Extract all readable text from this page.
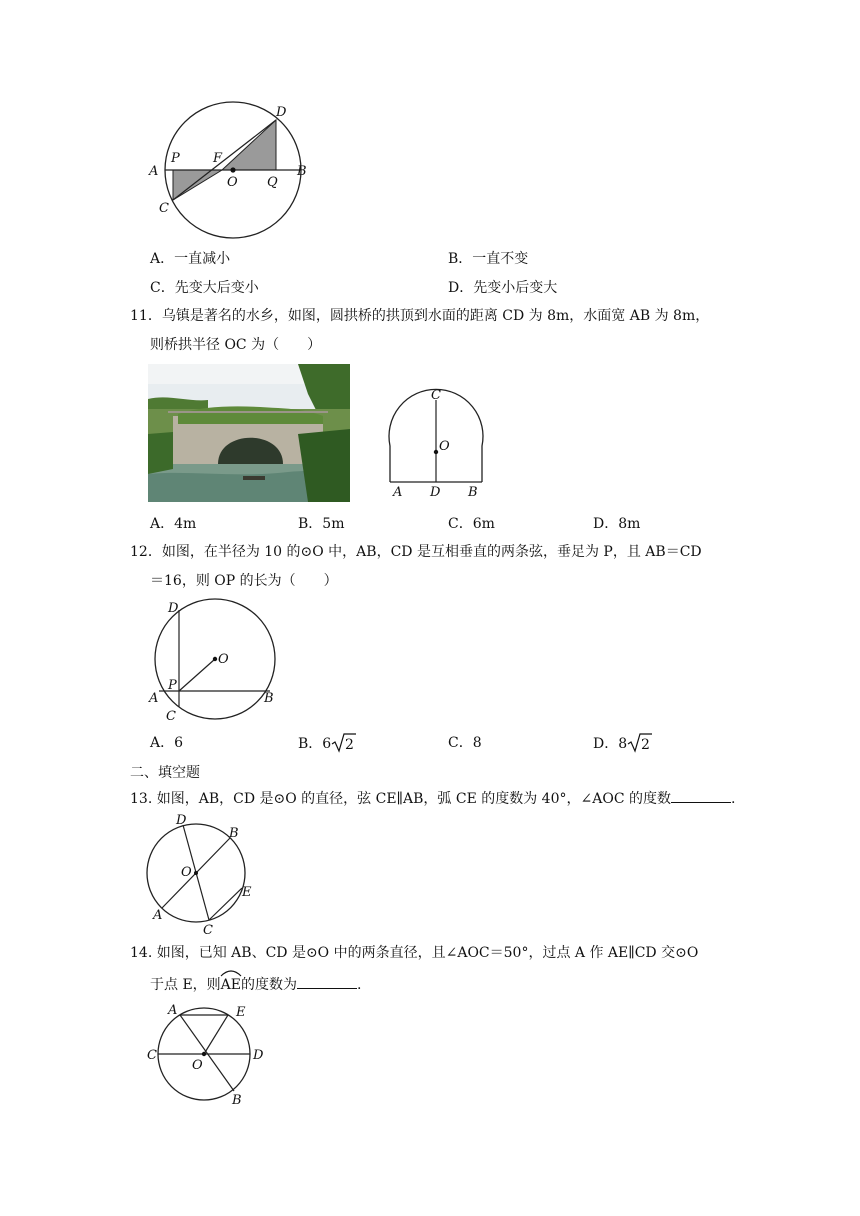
A
P	F
O Q
B
C
D
A．一直减小	B．一直不变
C．先变大后变小	D．先变小后变大
11．乌镇是著名的水乡，如图，圆拱桥的拱顶到水面的距离 CD 为 8m，水面宽 AB 为 8m，
则桥拱半径 OC 为（　　）
C
O
A D B
A．4m	B．5m	C．6m	D．8m
12．如图，在半径为 10 的⊙O 中，AB，CD 是互相垂直的两条弦，垂足为 P，且 AB＝CD
＝16，则 OP 的长为（　　）
D
O
P
A	B
C
A．6	B．6 2	C．8	D．8 2
二、填空题
13. 如图，AB，CD 是⊙O 的直径，弦 CE∥AB，弧 CE 的度数为 40°，∠AOC 的度数	.
D
B
O
E
A
C
14. 如图，已知 AB、CD 是⊙O 中的两条直径，且∠AOC＝50°，过点 A 作 AE∥CD 交⊙O
于点 E，则
AE的度数为	.
A	E
C
O
D
B
